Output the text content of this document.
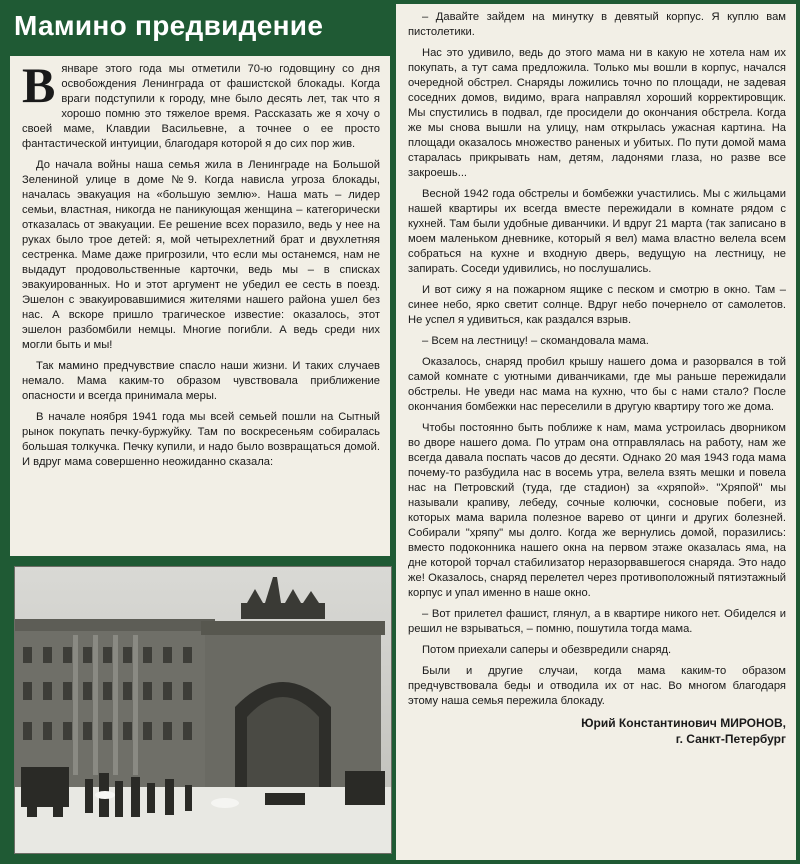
Мамино предвидение

Вянваре этого года мы отметили 70-ю годовщину со дня освобождения Ленинграда от фашистской блокады. Когда враги подступили к городу, мне было десять лет, так что я хорошо помню это тяжелое время. Рассказать же я хочу о своей маме, Клавдии Васильевне, а точнее о ее просто фантастической интуиции, благодаря которой я до сих пор жив.

До начала войны наша семья жила в Ленинграде на Большой Зелениной улице в доме №9. Когда нависла угроза блокады, началась эвакуация на «большую землю». Наша мать – лидер семьи, властная, никогда не паникующая женщина – категорически отказалась от эвакуации. Ее решение всех поразило, ведь у нее на руках было трое детей: я, мой четырехлетний брат и двухлетняя сестренка. Маме даже пригрозили, что если мы останемся, нам не выдадут продовольственные карточки, ведь мы – в списках эвакуированных. Но и этот аргумент не убедил ее сесть в поезд. Эшелон с эвакуировавшимися жителями нашего района ушел без нас. А вскоре пришло трагическое известие: оказалось, этот эшелон разбомбили немцы. Многие погибли. А ведь среди них могли быть и мы!

Так мамино предчувствие спасло наши жизни. И таких случаев немало. Мама каким-то образом чувствовала приближение опасности и всегда принимала меры.

В начале ноября 1941 года мы всей семьей пошли на Сытный рынок покупать печку-буржуйку. Там по воскресеньям собиралась большая толкучка. Печку купили, и надо было возвращаться домой. И вдруг мама совершенно неожиданно сказала:

– Давайте зайдем на минутку в девятый корпус. Я куплю вам пистолетики.

Нас это удивило, ведь до этого мама ни в какую не хотела нам их покупать, а тут сама предложила. Только мы вошли в корпус, начался очередной обстрел. Снаряды ложились точно по площади, не задевая соседних домов, видимо, врага направлял хороший корректировщик. Мы спустились в подвал, где просидели до окончания обстрела. Когда же мы снова вышли на улицу, нам открылась ужасная картина. На площади оказалось множество раненых и убитых. По пути домой мама старалась прикрывать нам, детям, ладонями глаза, но разве все закроешь...

Весной 1942 года обстрелы и бомбежки участились. Мы с жильцами нашей квартиры их всегда вместе пережидали в комнате рядом с кухней. Там были удобные диванчики. И вдруг 21 марта (так записано в моем маленьком дневнике, который я вел) мама властно велела всем собраться на кухне и входную дверь, ведущую на лестницу, не запирать. Соседи удивились, но послушались.

И вот сижу я на пожарном ящике с песком и смотрю в окно. Там – синее небо, ярко светит солнце. Вдруг небо почернело от самолетов. Не успел я удивиться, как раздался взрыв.

– Всем на лестницу! – скомандовала мама.

Оказалось, снаряд пробил крышу нашего дома и разорвался в той самой комнате с уютными диванчиками, где мы раньше пережидали обстрелы. Не уведи нас мама на кухню, что бы с нами стало? После окончания бомбежки нас переселили в другую квартиру того же дома.

Чтобы постоянно быть поближе к нам, мама устроилась дворником во дворе нашего дома. По утрам она отправлялась на работу, нам же всегда давала поспать часов до десяти. Однако 20 мая 1943 года мама почему-то разбудила нас в восемь утра, велела взять мешки и повела нас на Петровский (туда, где стадион) за «хряпой». "Хряпой" мы называли крапиву, лебеду, сочные колючки, сосновые побеги, из которых мама варила полезное варево от цинги и других болезней. Собирали "хряпу" мы долго. Когда же вернулись домой, поразились: вместо подоконника нашего окна на первом этаже оказалась яма, на дне которой торчал стабилизатор неразорвавшегося снаряда. Это надо же! Оказалось, снаряд перелетел через противоположный пятиэтажный корпус и упал именно в наше окно.

– Вот прилетел фашист, глянул, а в квартире никого нет. Обиделся и решил не взрываться, – помню, пошутила тогда мама.

Потом приехали саперы и обезвредили снаряд.

Были и другие случаи, когда мама каким-то образом предчувствовала беды и отводила их от нас. Во многом благодаря этому наша семья пережила блокаду.

Юрий Константинович МИРОНОВ,
г. Санкт-Петербург
